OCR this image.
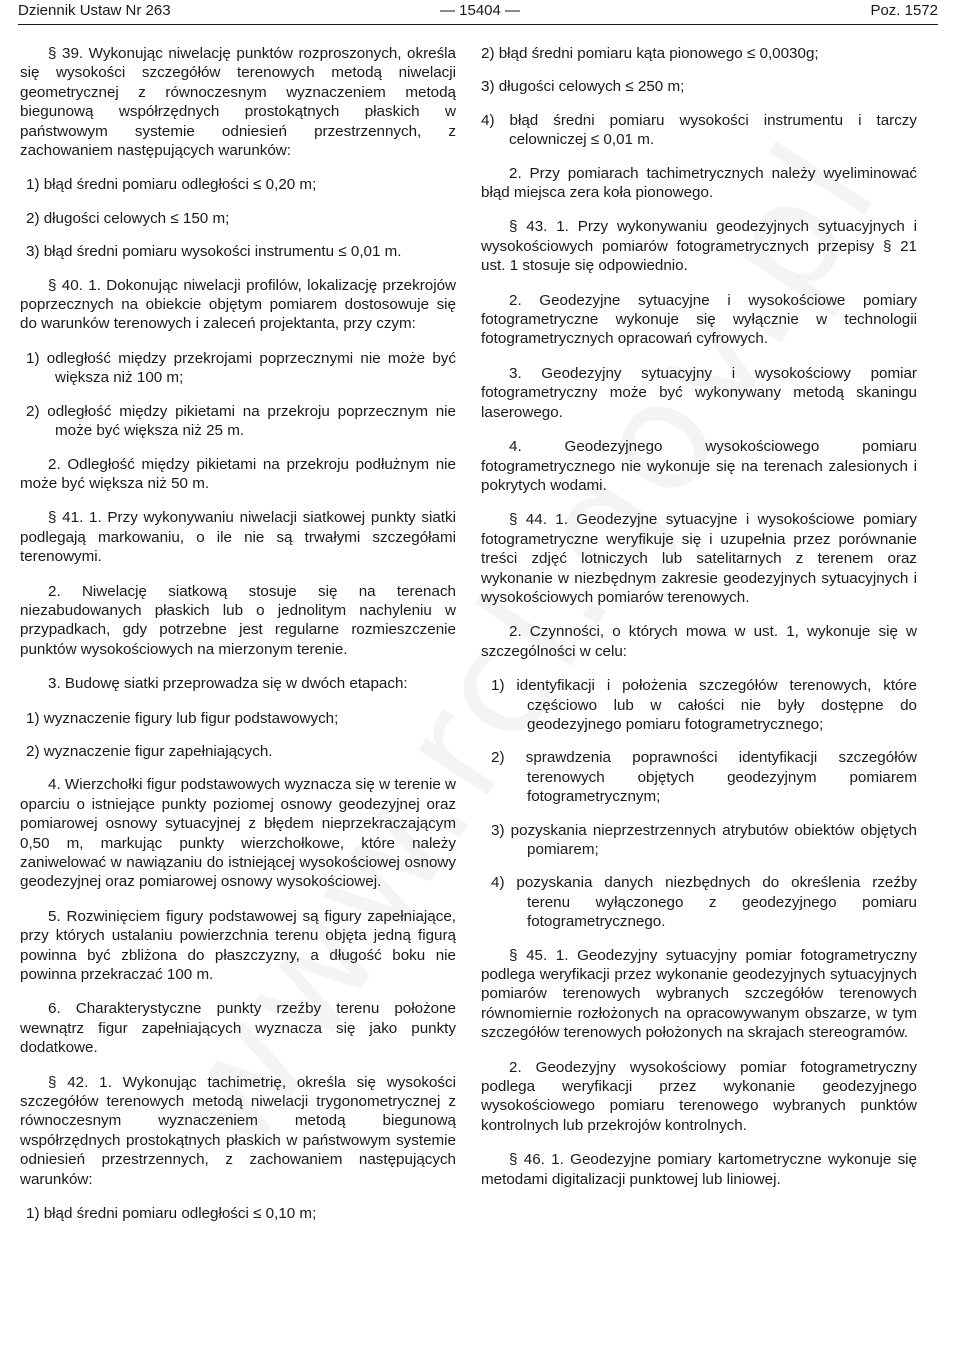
Dziennik Ustaw Nr 263	— 15404 —	Poz. 1572

§ 39. Wykonując niwelację punktów rozproszonych, określa się wysokości szczegółów terenowych metodą niwelacji geometrycznej z równoczesnym wyznaczeniem metodą biegunową współrzędnych prostokątnych płaskich w państwowym systemie odniesień przestrzennych, z zachowaniem następujących warunków:

1) błąd średni pomiaru odległości ≤ 0,20 m;

2) długości celowych ≤ 150 m;

3) błąd średni pomiaru wysokości instrumentu ≤ 0,01 m.

§ 40. 1. Dokonując niwelacji profilów, lokalizację przekrojów poprzecznych na obiekcie objętym pomiarem dostosowuje się do warunków terenowych i zaleceń projektanta, przy czym:

1) odległość między przekrojami poprzecznymi nie może być większa niż 100 m;

2) odległość między pikietami na przekroju poprzecznym nie może być większa niż 25 m.

2. Odległość między pikietami na przekroju podłużnym nie może być większa niż 50 m.

§ 41. 1. Przy wykonywaniu niwelacji siatkowej punkty siatki podlegają markowaniu, o ile nie są trwałymi szczegółami terenowymi.

2. Niwelację siatkową stosuje się na terenach niezabudowanych płaskich lub o jednolitym nachyleniu w przypadkach, gdy potrzebne jest regularne rozmieszczenie punktów wysokościowych na mierzonym terenie.

3. Budowę siatki przeprowadza się w dwóch etapach:

1) wyznaczenie figury lub figur podstawowych;

2) wyznaczenie figur zapełniających.

4. Wierzchołki figur podstawowych wyznacza się w terenie w oparciu o istniejące punkty poziomej osnowy geodezyjnej oraz pomiarowej osnowy sytuacyjnej z błędem nieprzekraczającym 0,50 m, markując punkty wierzchołkowe, które należy zaniwelować w nawiązaniu do istniejącej wysokościowej osnowy geodezyjnej oraz pomiarowej osnowy wysokościowej.

5. Rozwinięciem figury podstawowej są figury zapełniające, przy których ustalaniu powierzchnia terenu objęta jedną figurą powinna być zbliżona do płaszczyzny, a długość boku nie powinna przekraczać 100 m.

6. Charakterystyczne punkty rzeźby terenu położone wewnątrz figur zapełniających wyznacza się jako punkty dodatkowe.

§ 42. 1. Wykonując tachimetrię, określa się wysokości szczegółów terenowych metodą niwelacji trygonometrycznej z równoczesnym wyznaczeniem metodą biegunową współrzędnych prostokątnych płaskich w państwowym systemie odniesień przestrzennych, z zachowaniem następujących warunków:

1) błąd średni pomiaru odległości ≤ 0,10 m;

2) błąd średni pomiaru kąta pionowego ≤ 0,0030g;

3) długości celowych ≤ 250 m;

4) błąd średni pomiaru wysokości instrumentu i tarczy celowniczej ≤ 0,01 m.

2. Przy pomiarach tachimetrycznych należy wyeliminować błąd miejsca zera koła pionowego.

§ 43. 1. Przy wykonywaniu geodezyjnych sytuacyjnych i wysokościowych pomiarów fotogrametrycznych przepisy § 21 ust. 1 stosuje się odpowiednio.

2. Geodezyjne sytuacyjne i wysokościowe pomiary fotogrametryczne wykonuje się wyłącznie w technologii fotogrametrycznych opracowań cyfrowych.

3. Geodezyjny sytuacyjny i wysokościowy pomiar fotogrametryczny może być wykonywany metodą skaningu laserowego.

4. Geodezyjnego wysokościowego pomiaru fotogrametrycznego nie wykonuje się na terenach zalesionych i pokrytych wodami.

§ 44. 1. Geodezyjne sytuacyjne i wysokościowe pomiary fotogrametryczne weryfikuje się i uzupełnia przez porównanie treści zdjęć lotniczych lub satelitarnych z terenem oraz wykonanie w niezbędnym zakresie geodezyjnych sytuacyjnych i wysokościowych pomiarów terenowych.

2. Czynności, o których mowa w ust. 1, wykonuje się w szczególności w celu:

1) identyfikacji i położenia szczegółów terenowych, które częściowo lub w całości nie były dostępne do geodezyjnego pomiaru fotogrametrycznego;

2) sprawdzenia poprawności identyfikacji szczegółów terenowych objętych geodezyjnym pomiarem fotogrametrycznym;

3) pozyskania nieprzestrzennych atrybutów obiektów objętych pomiarem;

4) pozyskania danych niezbędnych do określenia rzeźby terenu wyłączonego z geodezyjnego pomiaru fotogrametrycznego.

§ 45. 1. Geodezyjny sytuacyjny pomiar fotogrametryczny podlega weryfikacji przez wykonanie geodezyjnych sytuacyjnych pomiarów terenowych wybranych szczegółów terenowych równomiernie rozłożonych na opracowywanym obszarze, w tym szczegółów terenowych położonych na skrajach stereogramów.

2. Geodezyjny wysokościowy pomiar fotogrametryczny podlega weryfikacji przez wykonanie geodezyjnego wysokościowego pomiaru terenowego wybranych punktów kontrolnych lub przekrojów kontrolnych.

§ 46. 1. Geodezyjne pomiary kartometryczne wykonuje się metodami digitalizacji punktowej lub liniowej.
